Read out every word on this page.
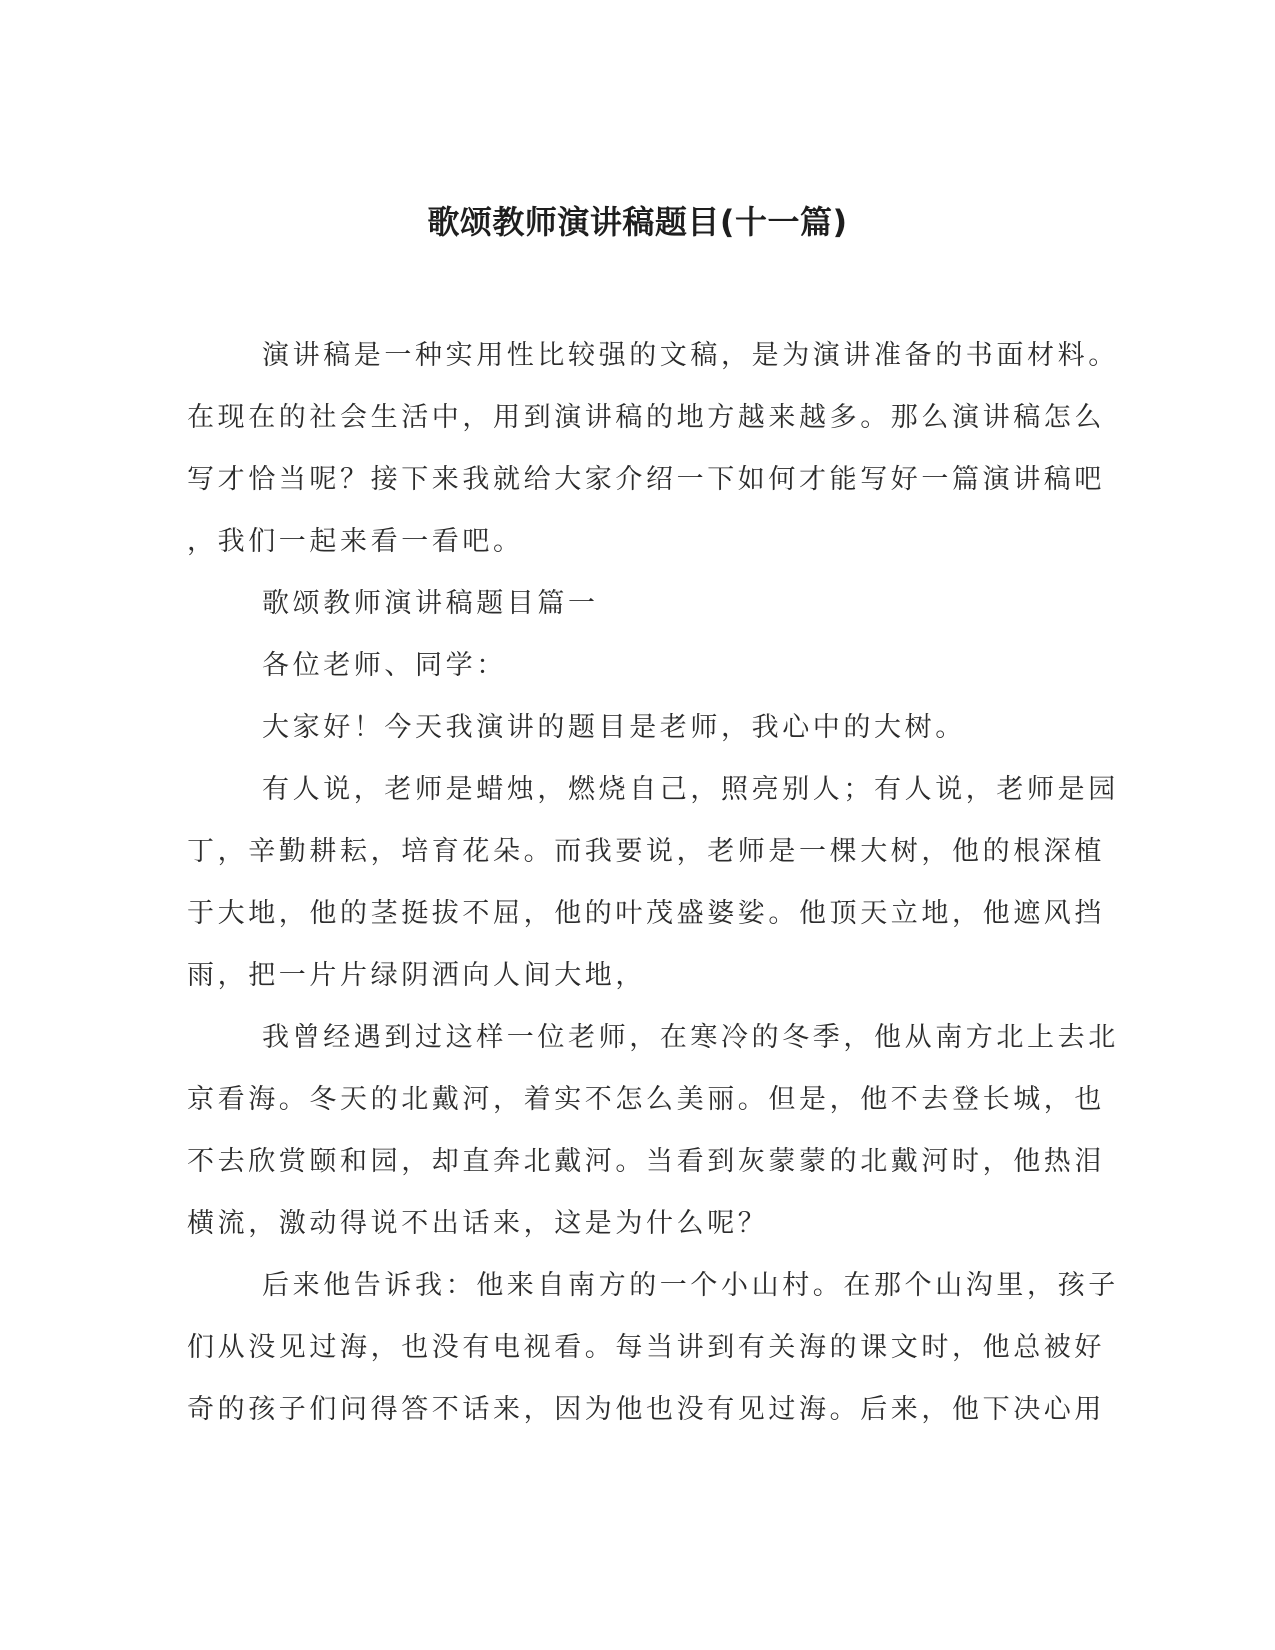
歌颂教师演讲稿题目(十一篇)

演讲稿是一种实用性比较强的文稿，是为演讲准备的书面材料。
在现在的社会生活中，用到演讲稿的地方越来越多。那么演讲稿怎么
写才恰当呢？接下来我就给大家介绍一下如何才能写好一篇演讲稿吧
，我们一起来看一看吧。

歌颂教师演讲稿题目篇一

各位老师、同学：

大家好！今天我演讲的题目是老师，我心中的大树。

有人说，老师是蜡烛，燃烧自己，照亮别人；有人说，老师是园
丁，辛勤耕耘，培育花朵。而我要说，老师是一棵大树，他的根深植
于大地，他的茎挺拔不屈，他的叶茂盛婆娑。他顶天立地，他遮风挡
雨，把一片片绿阴洒向人间大地，

我曾经遇到过这样一位老师，在寒冷的冬季，他从南方北上去北
京看海。冬天的北戴河，着实不怎么美丽。但是，他不去登长城，也
不去欣赏颐和园，却直奔北戴河。当看到灰蒙蒙的北戴河时，他热泪
横流，激动得说不出话来，这是为什么呢？

后来他告诉我：他来自南方的一个小山村。在那个山沟里，孩子
们从没见过海，也没有电视看。每当讲到有关海的课文时，他总被好
奇的孩子们问得答不话来，因为他也没有见过海。后来，他下决心用
